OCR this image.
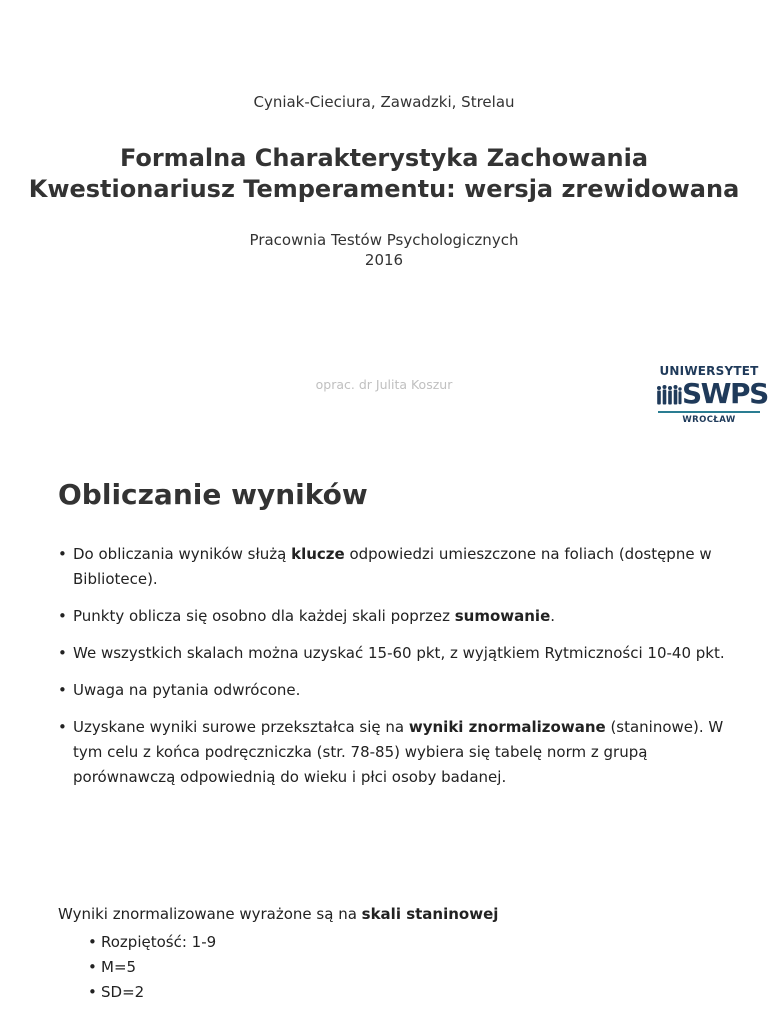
Cyniak-Cieciura, Zawadzki, Strelau
Formalna Charakterystyka Zachowania
Kwestionariusz Temperamentu: wersja zrewidowana
Pracownia Testów Psychologicznych
2016
oprac. dr Julita Koszur
UNIWERSYTET
SWPS
WROCŁAW
Obliczanie wyników
• Do obliczania wyników służą klucze odpowiedzi umieszczone na foliach (dostępne w Bibliotece).
• Punkty oblicza się osobno dla każdej skali poprzez sumowanie.
• We wszystkich skalach można uzyskać 15-60 pkt, z wyjątkiem Rytmiczności 10-40 pkt.
• Uwaga na pytania odwrócone.
• Uzyskane wyniki surowe przekształca się na wyniki znormalizowane (staninowe). W tym celu z końca podręczniczka (str. 78-85) wybiera się tabelę norm z grupą porównawczą odpowiednią do wieku i płci osoby badanej.
Wyniki znormalizowane wyrażone są na skali staninowej
• Rozpiętość: 1-9
• M=5
• SD=2
